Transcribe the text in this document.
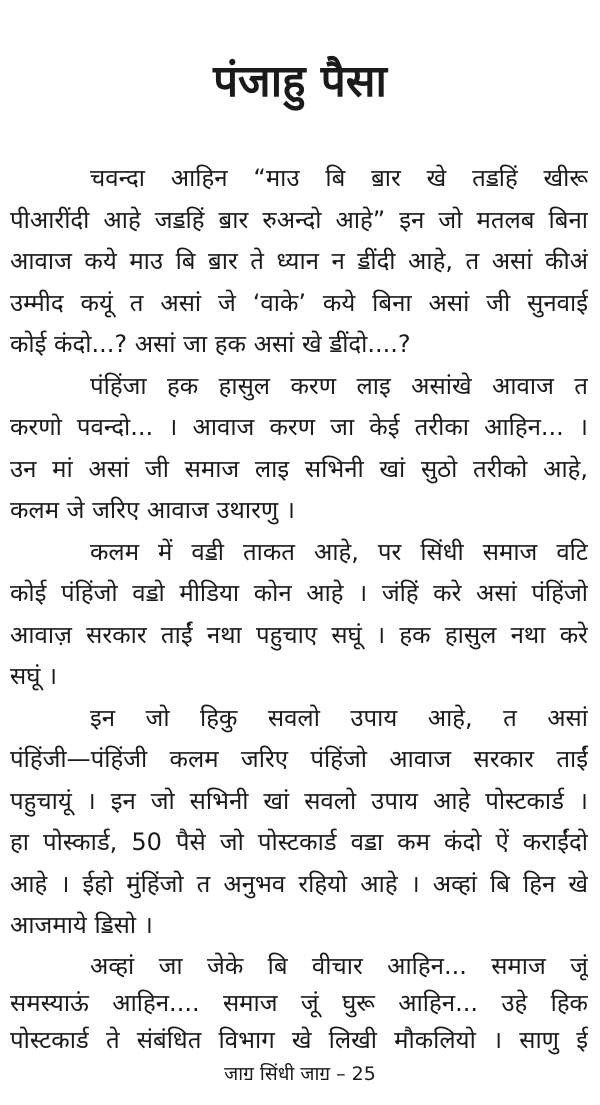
पंजाहु पैसा

चवन्दा आहिन “माउ बि ॿार खे तॾहिं खीरू

पीआरींदी आहे जॾहिं ॿार रुअन्दो आहे” इन जो मतलब बिना

आवाज कये माउ बि ॿार ते ध्यान न ॾींदी आहे, त असां कीअं

उम्मीद कयूं त असां जे ‘वाके’ कये बिना असां जी सुनवाई

कोई कंदो...? असां जा हक असां खे ॾींदो....?

पंहिंजा हक हासुल करण लाइ असांखे आवाज त

करणो पवन्दो... । आवाज करण जा केई तरीका आहिन... ।

उन मां असां जी समाज लाइ सभिनी खां सुठो तरीको आहे,

कलम जे जरिए आवाज उथारणु ।

कलम में वॾी ताकत आहे, पर सिंधी समाज वटि

कोई पंहिंजो वॾो मीडिया कोन आहे । जंहिं करे असां पंहिंजो

आवाज़ सरकार ताईं नथा पहुचाए सघूं । हक हासुल नथा करे

सघूं ।

इन जो हिकु सवलो उपाय आहे, त असां

पंहिंजी—पंहिंजी कलम जरिए पंहिंजो आवाज सरकार ताईं

पहुचायूं । इन जो सभिनी खां सवलो उपाय आहे पोस्टकार्ड ।

हा पोस्कार्ड, 50 पैसे जो पोस्टकार्ड वॾा कम कंदो ऐं कराईंदो

आहे । ईहो मुंहिंजो त अनुभव रहियो आहे । अव्हां बि हिन खे

आजमाये ॾिसो ।

जाॻ सिंधी जाॻ – 25

अव्हां जा जेके बि वीचार आहिन... समाज जूं

समस्याऊं आहिन.... समाज जूं घुरू आहिन... उहे हिक

पोस्टकार्ड ते संबंधित विभाग खे लिखी मौकलियो । साणु ई
